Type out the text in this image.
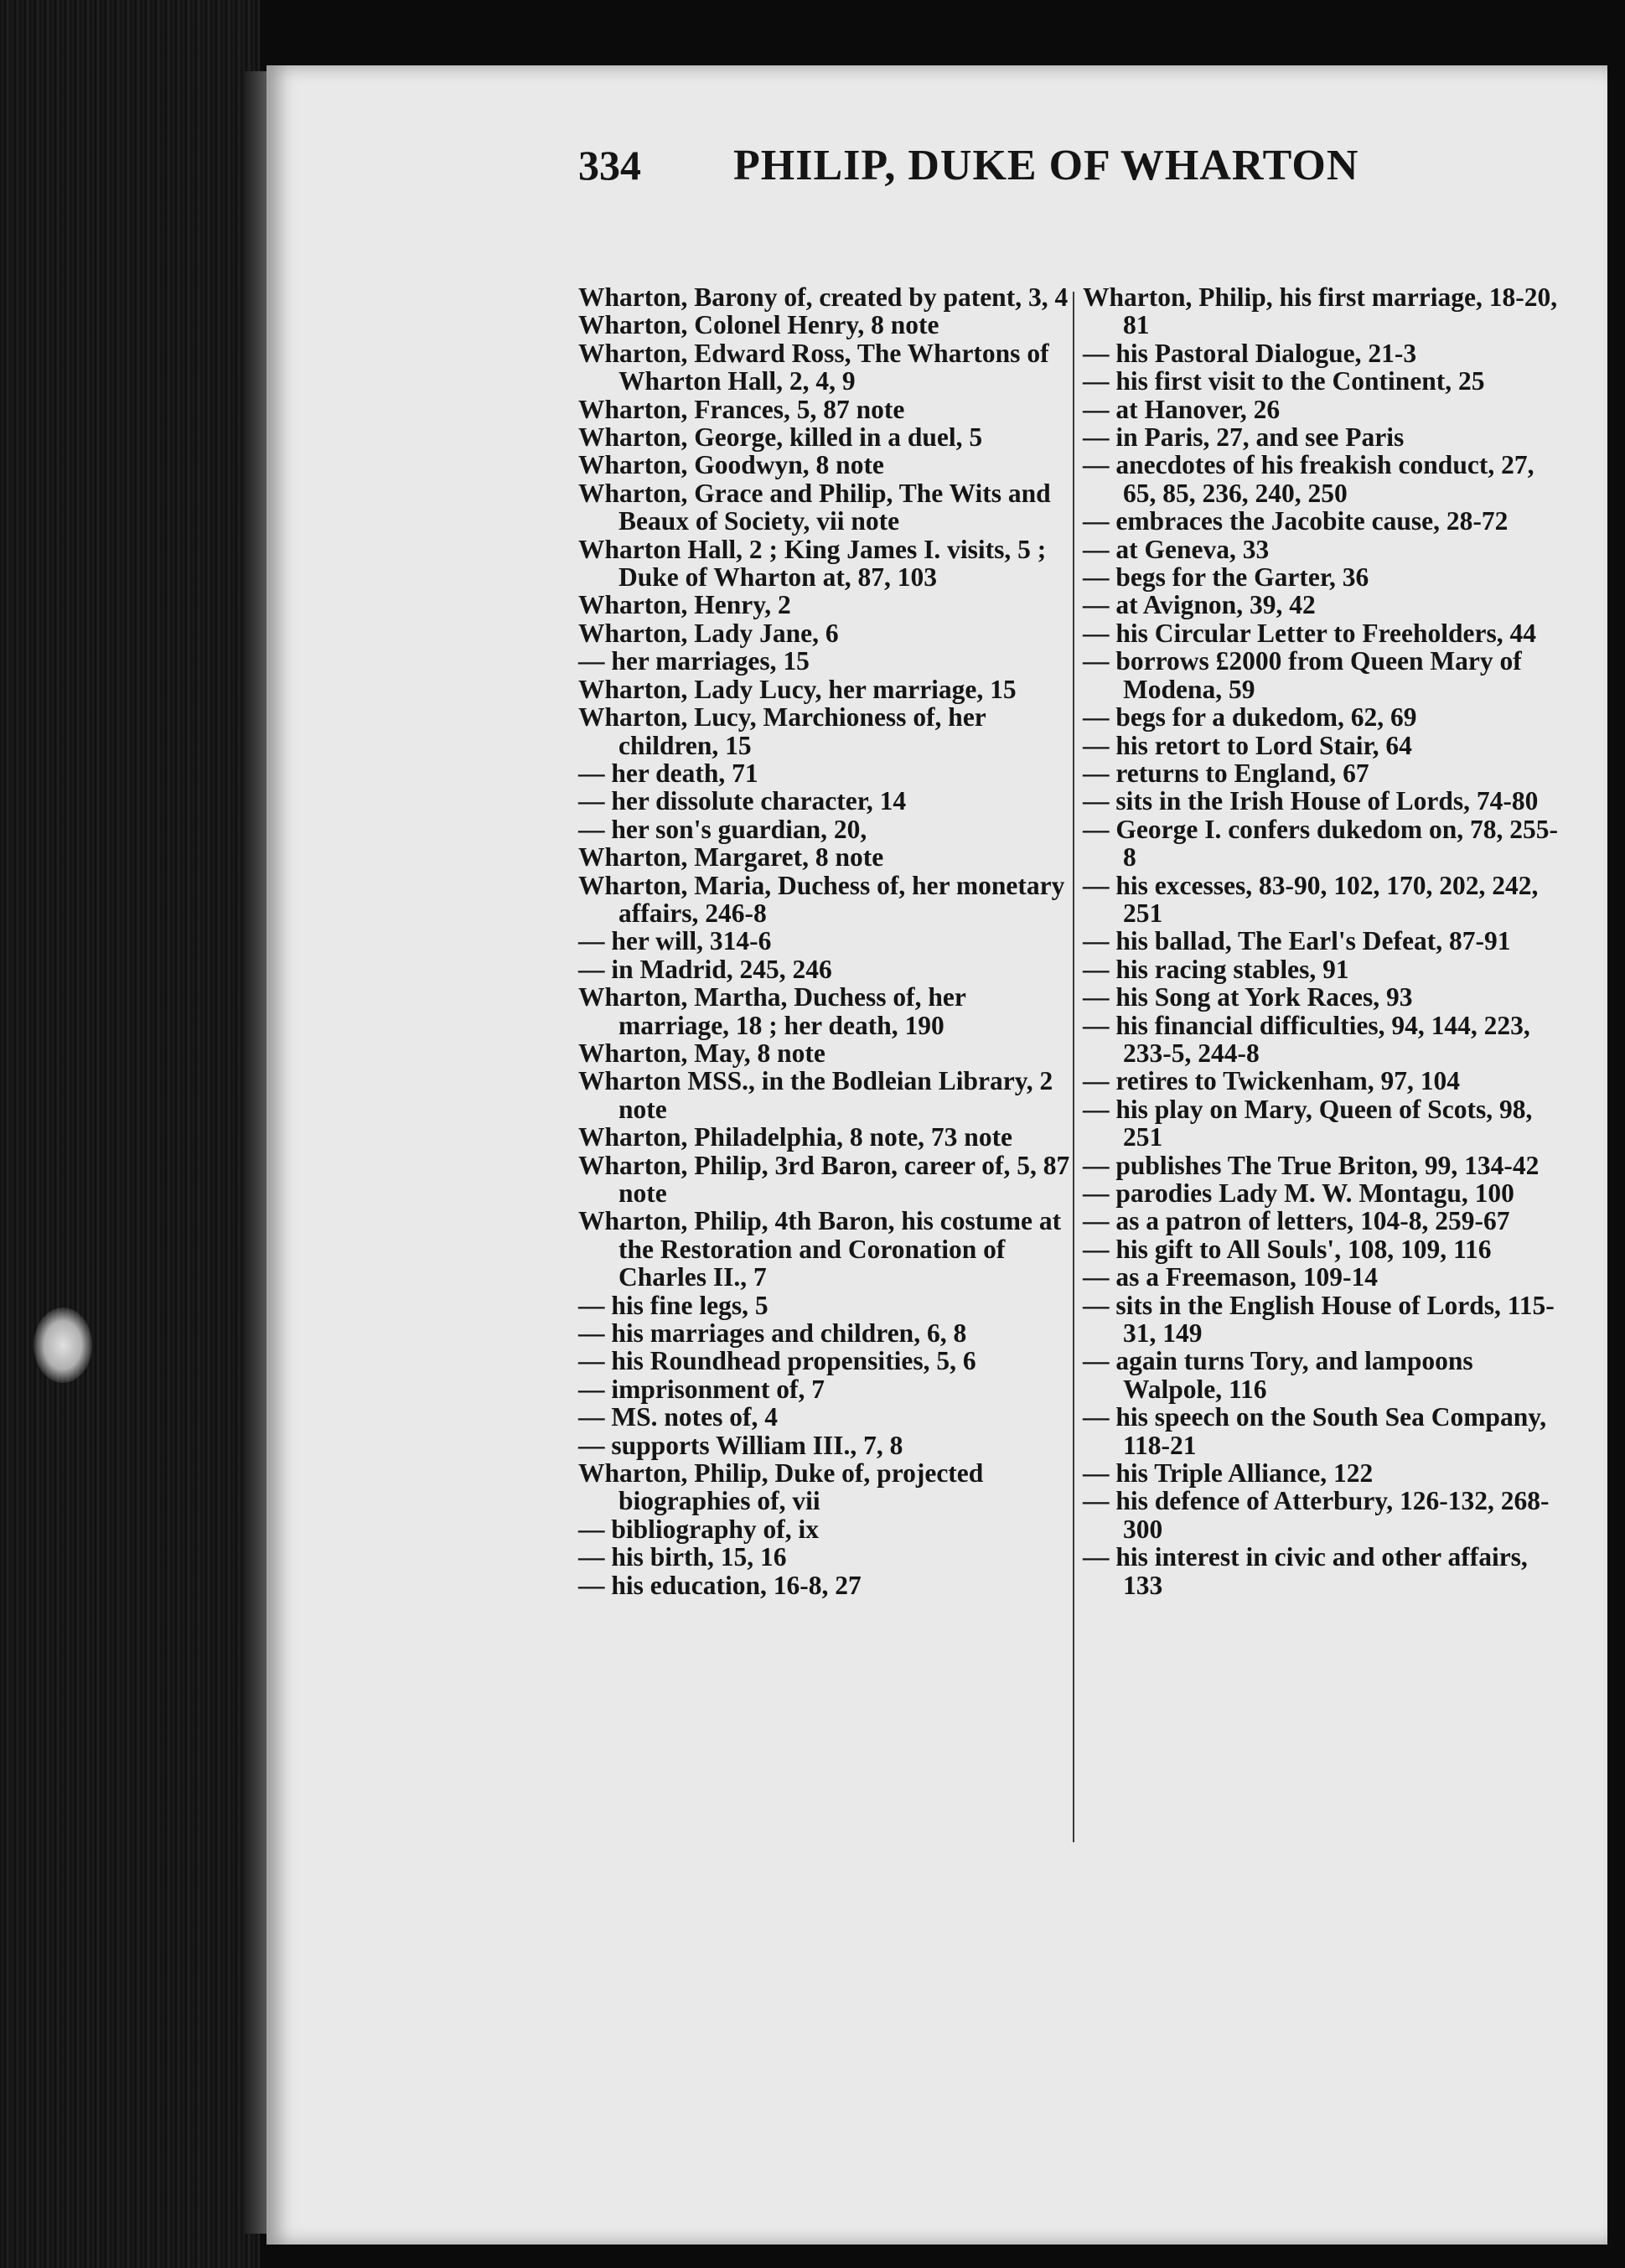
334 PHILIP, DUKE OF WHARTON

Wharton, Barony of, created by patent, 3, 4

Wharton, Colonel Henry, 8 note

Wharton, Edward Ross, The Whartons of Wharton Hall, 2, 4, 9

Wharton, Frances, 5, 87 note

Wharton, George, killed in a duel, 5

Wharton, Goodwyn, 8 note

Wharton, Grace and Philip, The Wits and Beaux of Society, vii note

Wharton Hall, 2 ; King James I. visits, 5 ; Duke of Wharton at, 87, 103

Wharton, Henry, 2

Wharton, Lady Jane, 6

— her marriages, 15

Wharton, Lady Lucy, her marriage, 15

Wharton, Lucy, Marchioness of, her children, 15

— her death, 71

— her dissolute character, 14

— her son's guardian, 20,

Wharton, Margaret, 8 note

Wharton, Maria, Duchess of, her monetary affairs, 246-8

— her will, 314-6

— in Madrid, 245, 246

Wharton, Martha, Duchess of, her marriage, 18 ; her death, 190

Wharton, May, 8 note

Wharton MSS., in the Bodleian Library, 2 note

Wharton, Philadelphia, 8 note, 73 note

Wharton, Philip, 3rd Baron, career of, 5, 87 note

Wharton, Philip, 4th Baron, his costume at the Restoration and Coronation of Charles II., 7

— his fine legs, 5

— his marriages and children, 6, 8

— his Roundhead propensities, 5, 6

— imprisonment of, 7

— MS. notes of, 4

— supports William III., 7, 8

Wharton, Philip, Duke of, projected biographies of, vii

— bibliography of, ix

— his birth, 15, 16

— his education, 16-8, 27

Wharton, Philip, his first marriage, 18-20, 81

— his Pastoral Dialogue, 21-3

— his first visit to the Continent, 25

— at Hanover, 26

— in Paris, 27, and see Paris

— anecdotes of his freakish conduct, 27, 65, 85, 236, 240, 250

— embraces the Jacobite cause, 28-72

— at Geneva, 33

— begs for the Garter, 36

— at Avignon, 39, 42

— his Circular Letter to Freeholders, 44

— borrows £2000 from Queen Mary of Modena, 59

— begs for a dukedom, 62, 69

— his retort to Lord Stair, 64

— returns to England, 67

— sits in the Irish House of Lords, 74-80

— George I. confers dukedom on, 78, 255-8

— his excesses, 83-90, 102, 170, 202, 242, 251

— his ballad, The Earl's Defeat, 87-91

— his racing stables, 91

— his Song at York Races, 93

— his financial difficulties, 94, 144, 223, 233-5, 244-8

— retires to Twickenham, 97, 104

— his play on Mary, Queen of Scots, 98, 251

— publishes The True Briton, 99, 134-42

— parodies Lady M. W. Montagu, 100

— as a patron of letters, 104-8, 259-67

— his gift to All Souls', 108, 109, 116

— as a Freemason, 109-14

— sits in the English House of Lords, 115-31, 149

— again turns Tory, and lampoons Walpole, 116

— his speech on the South Sea Company, 118-21

— his Triple Alliance, 122

— his defence of Atterbury, 126-132, 268-300

— his interest in civic and other affairs, 133
